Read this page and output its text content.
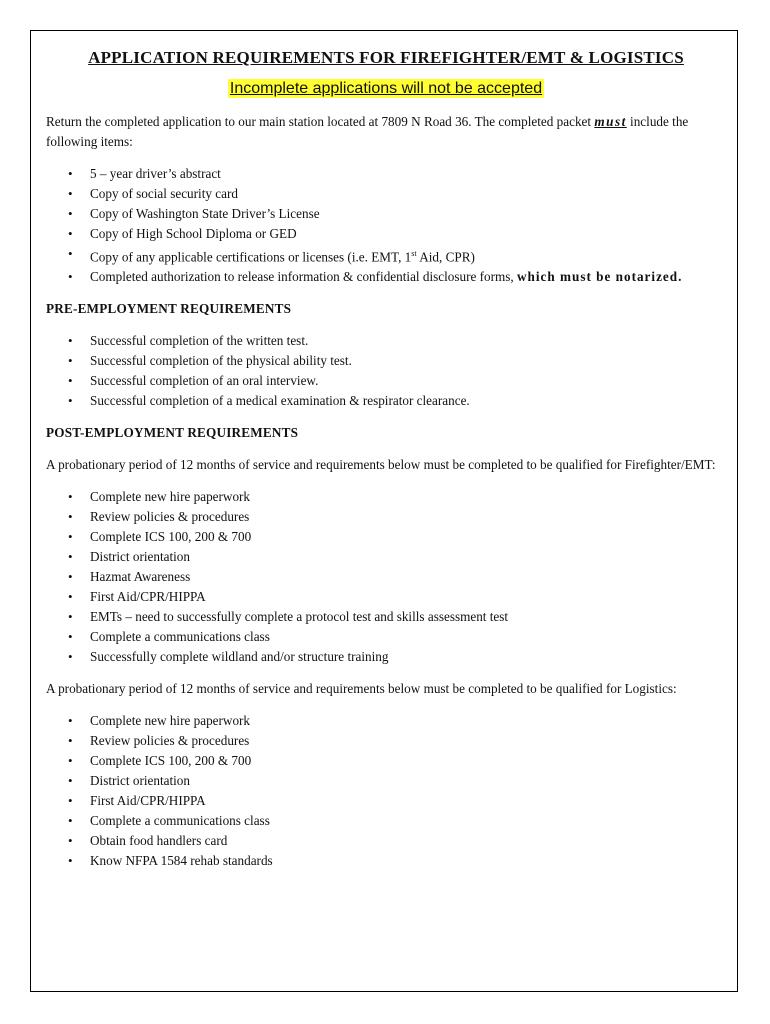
APPLICATION REQUIREMENTS FOR FIREFIGHTER/EMT & LOGISTICS
Incomplete applications will not be accepted

Return the completed application to our main station located at 7809 N Road 36. The completed packet must include the following items:

• 5 – year driver’s abstract
• Copy of social security card
• Copy of Washington State Driver’s License
• Copy of High School Diploma or GED
• Copy of any applicable certifications or licenses (i.e. EMT, 1st Aid, CPR)
• Completed authorization to release information & confidential disclosure forms, which must be notarized.
PRE-EMPLOYMENT REQUIREMENTS
• Successful completion of the written test.
• Successful completion of the physical ability test.
• Successful completion of an oral interview.
• Successful completion of a medical examination & respirator clearance.
POST-EMPLOYMENT REQUIREMENTS

A probationary period of 12 months of service and requirements below must be completed to be qualified for Firefighter/EMT:

• Complete new hire paperwork
• Review policies & procedures
• Complete ICS 100, 200 & 700
• District orientation
• Hazmat Awareness
• First Aid/CPR/HIPPA
• EMTs – need to successfully complete a protocol test and skills assessment test
• Complete a communications class
• Successfully complete wildland and/or structure training

A probationary period of 12 months of service and requirements below must be completed to be qualified for Logistics:

• Complete new hire paperwork
• Review policies & procedures
• Complete ICS 100, 200 & 700
• District orientation
• First Aid/CPR/HIPPA
• Complete a communications class
• Obtain food handlers card
• Know NFPA 1584 rehab standards
